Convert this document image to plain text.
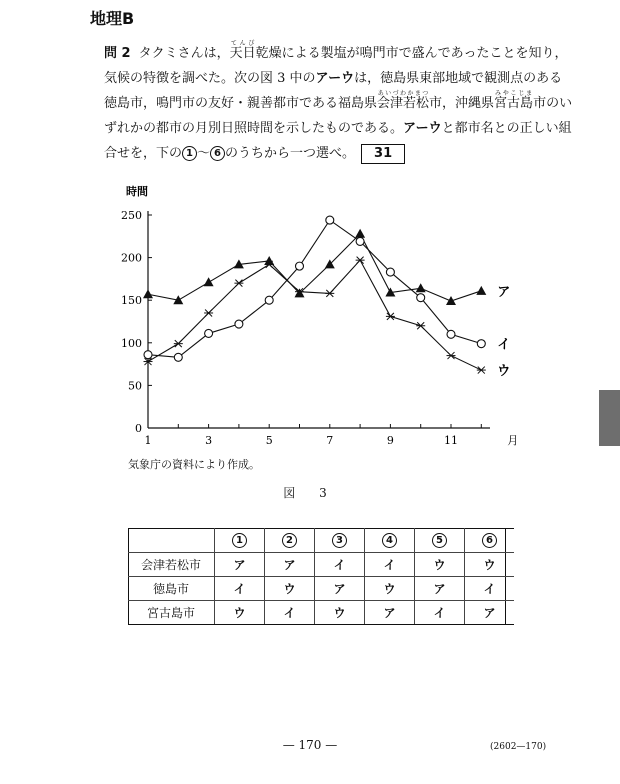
地理B
問 2 タクミさんは，天日てんぴ乾燥による製塩が鳴門市で盛んであったことを知り，気候の特徴を調べた。次の図 3 中のアーウは，徳島県東部地域で観測点のある徳島市，鳴門市の友好・親善都市である福島県会津若松あいづわかまつ市，沖縄県宮古島みやこじま市のいずれかの都市の月別日照時間を示したものである。アーウと都市名との正しい組合せを，下の 1 〜 6 のうちから一つ選べ。 31
時間
0
50
100
150
200
250
1	3	5	7	9	11	月
ア
イ
ウ
気象庁の資料により作成。
図 3
	1	2	3	4	5	6
会津若松市	ア	ア	イ	イ	ウ	ウ
徳島市	イ	ウ	ア	ウ	ア	イ
宮古島市	ウ	イ	ウ	ア	イ	ア
— 170 —	(2602—170)
